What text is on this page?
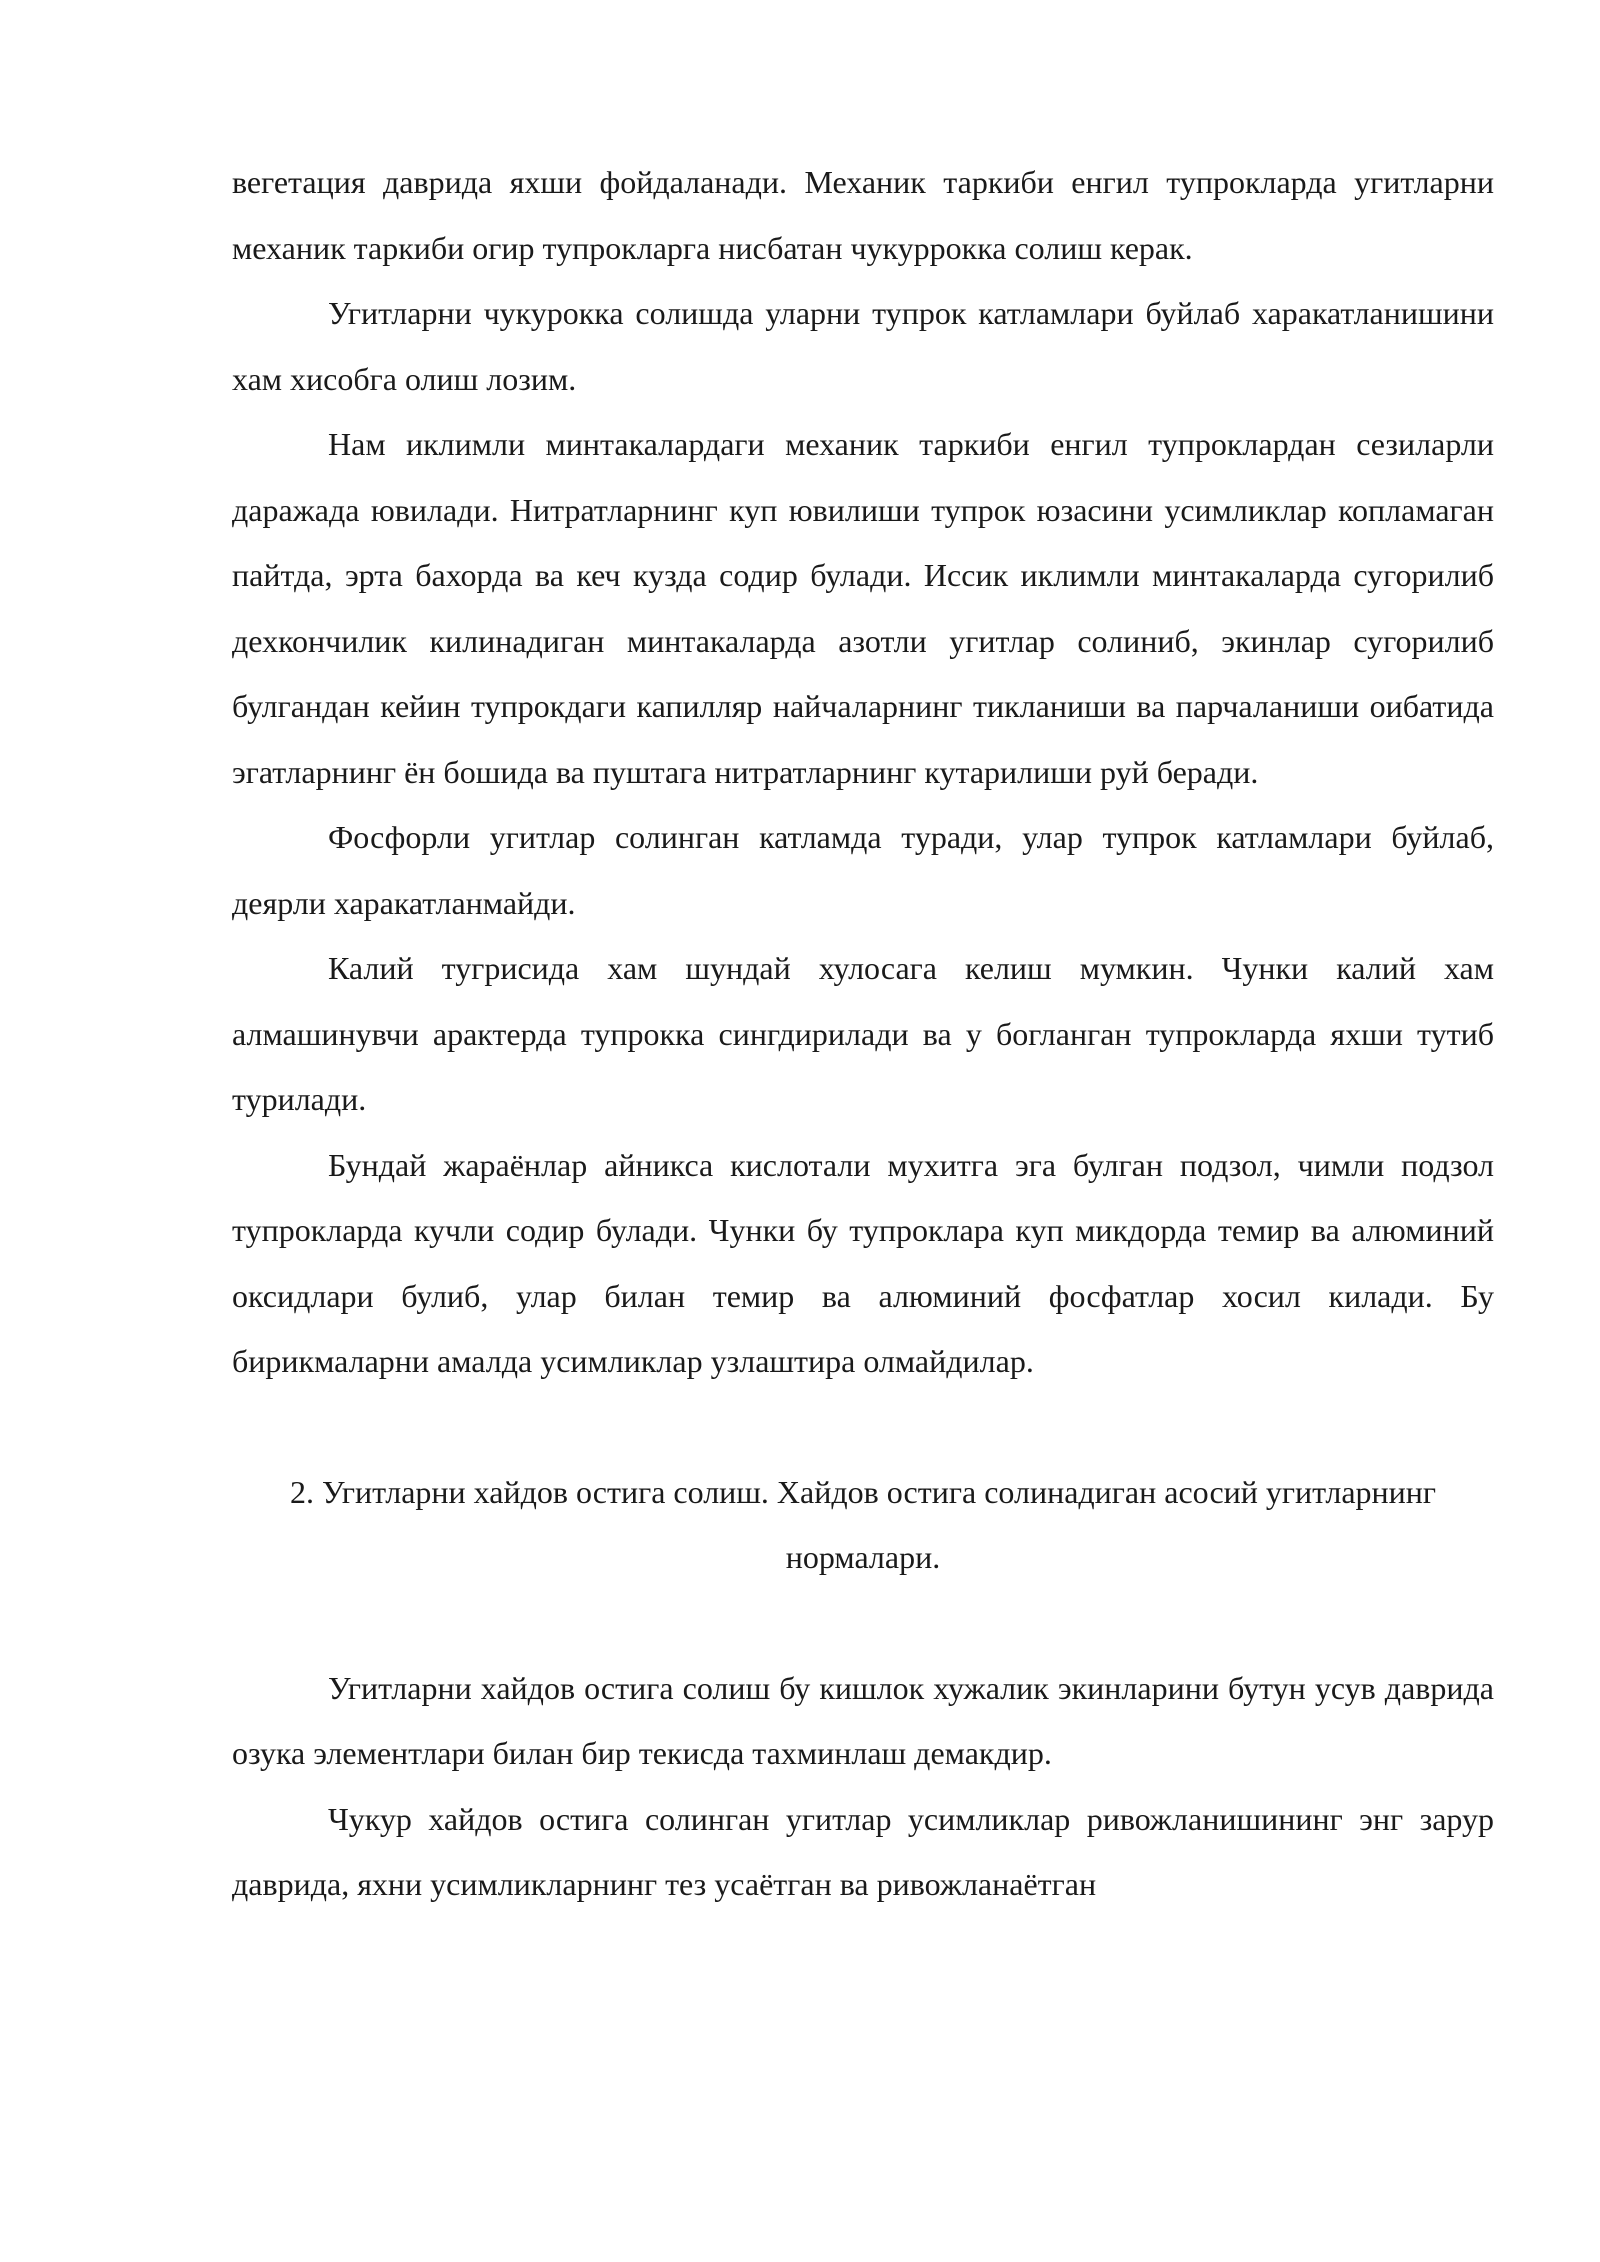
вегетация даврида яхши фойдаланади. Механик таркиби енгил тупрокларда угитларни механик таркиби огир тупрокларга нисбатан чукуррокка солиш керак.

Угитларни чукурокка солишда уларни тупрок катламлари буйлаб харакатланишини хам хисобга олиш лозим.

Нам иклимли минтакалардаги механик таркиби енгил тупроклардан сезиларли даражада ювилади. Нитратларнинг куп ювилиши тупрок юзасини усимликлар копламаган пайтда, эрта бахорда ва кеч кузда содир булади. Иссик иклимли минтакаларда сугорилиб дехкончилик килинадиган минтакаларда азотли угитлар солиниб, экинлар сугорилиб булгандан кейин тупрокдаги капилляр найчаларнинг тикланиши ва парчаланиши оибатида эгатларнинг ён бошида ва пуштага нитратларнинг кутарилиши руй беради.

Фосфорли угитлар солинган катламда туради, улар тупрок катламлари буйлаб, деярли харакатланмайди.

Калий тугрисида хам шундай хулосага келиш мумкин. Чунки калий хам алмашинувчи арактерда тупрокка сингдирилади ва у богланган тупрокларда яхши тутиб турилади.

Бундай жараёнлар айникса кислотали мухитга эга булган подзол, чимли подзол тупрокларда кучли содир булади. Чунки бу тупроклара куп микдорда темир ва алюминий оксидлари булиб, улар билан темир ва алюминий фосфатлар хосил килади. Бу бирикмаларни амалда усимликлар узлаштира олмайдилар.

2. Угитларни хайдов остига солиш. Хайдов остига солинадиган асосий угитларнинг нормалари.

Угитларни хайдов остига солиш бу кишлок хужалик экинларини бутун усув даврида озука элементлари билан бир текисда тахминлаш демакдир.

Чукур хайдов остига солинган угитлар усимликлар ривожланишининг энг зарур даврида, яхни усимликларнинг тез усаётган ва ривожланаётган
